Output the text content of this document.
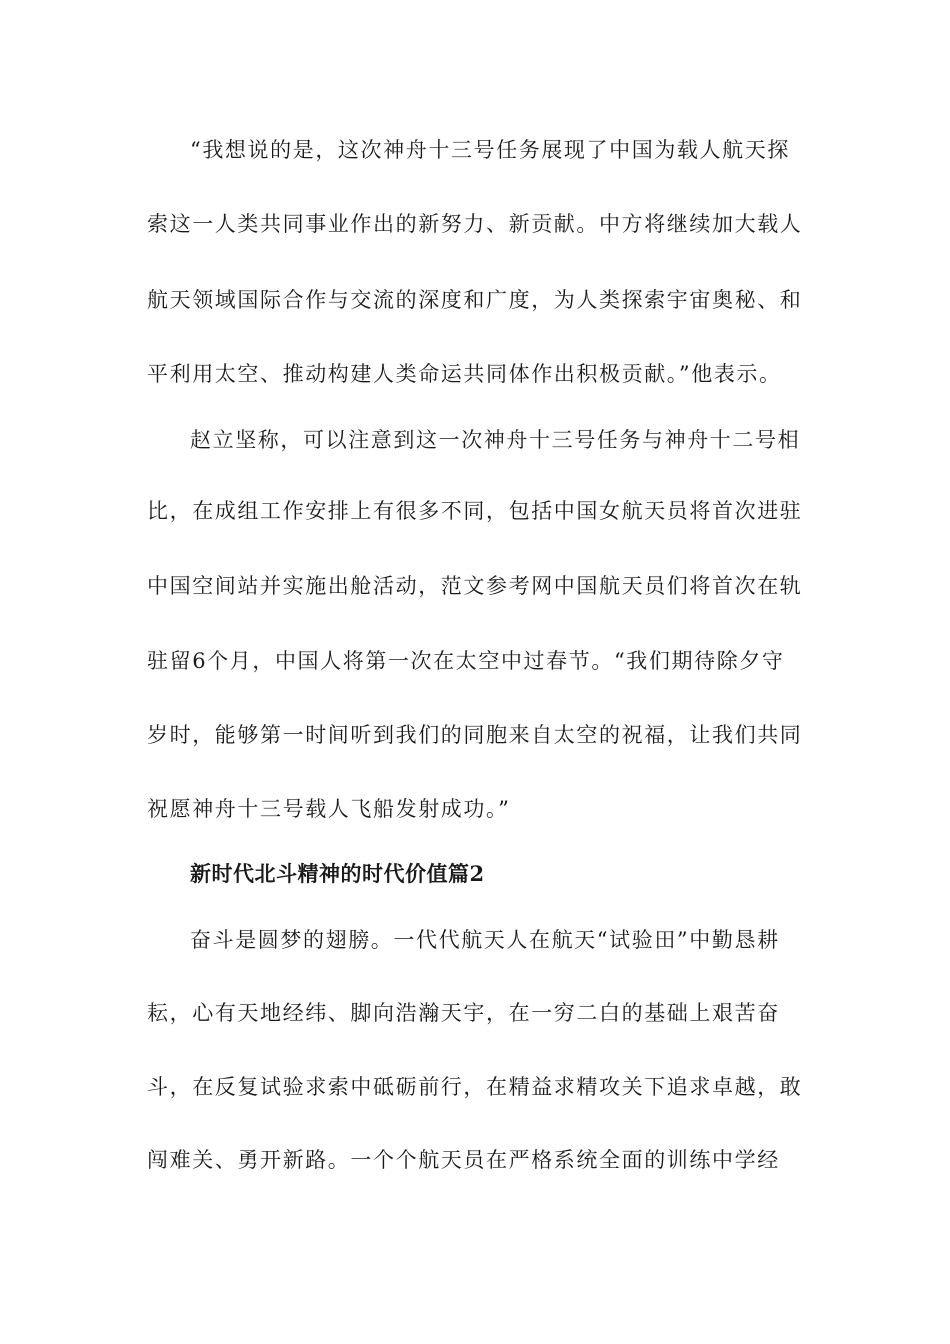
“我想说的是，这次神舟十三号任务展现了中国为载人航天探
索这一人类共同事业作出的新努力、新贡献。中方将继续加大载人
航天领域国际合作与交流的深度和广度，为人类探索宇宙奥秘、和
平利用太空、推动构建人类命运共同体作出积极贡献。”他表示。
赵立坚称，可以注意到这一次神舟十三号任务与神舟十二号相
比，在成组工作安排上有很多不同，包括中国女航天员将首次进驻
中国空间站并实施出舱活动，范文参考网中国航天员们将首次在轨
驻留6个月，中国人将第一次在太空中过春节。“我们期待除夕守
岁时，能够第一时间听到我们的同胞来自太空的祝福，让我们共同
祝愿神舟十三号载人飞船发射成功。”
新时代北斗精神的时代价值篇2
奋斗是圆梦的翅膀。一代代航天人在航天“试验田”中勤恳耕
耘，心有天地经纬、脚向浩瀚天宇，在一穷二白的基础上艰苦奋
斗，在反复试验求索中砥砺前行，在精益求精攻关下追求卓越，敢
闯难关、勇开新路。一个个航天员在严格系统全面的训练中学经
